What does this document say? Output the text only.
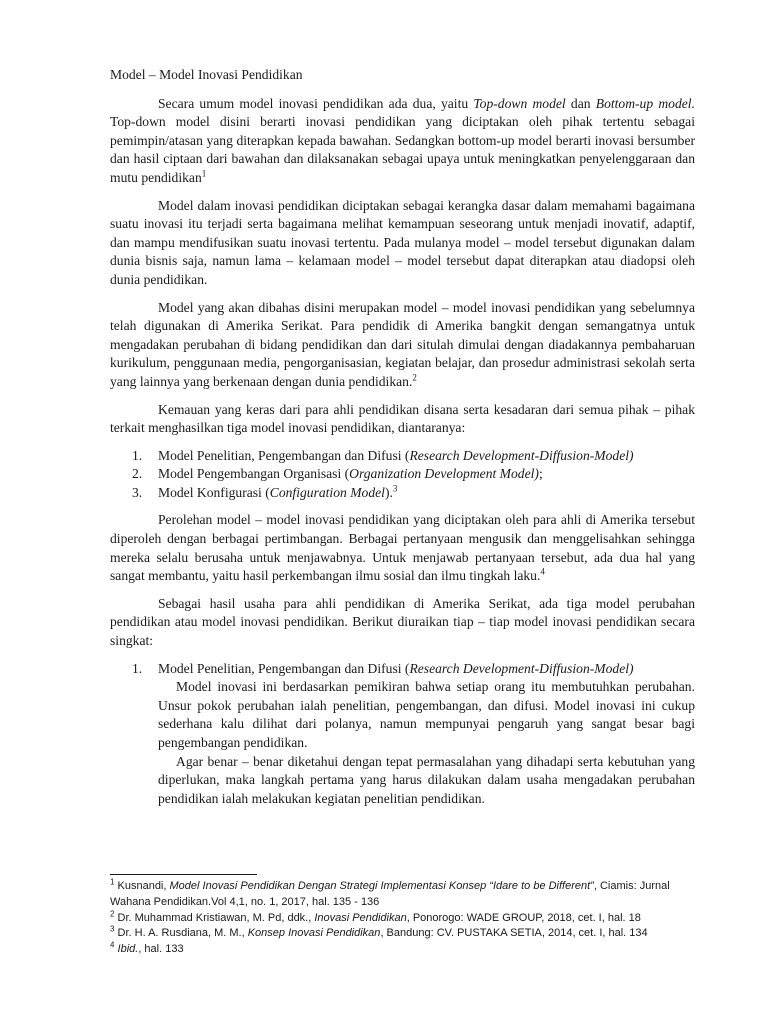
Model – Model Inovasi Pendidikan

Secara umum model inovasi pendidikan ada dua, yaitu Top-down model dan Bottom-up model. Top-down model disini berarti inovasi pendidikan yang diciptakan oleh pihak tertentu sebagai pemimpin/atasan yang diterapkan kepada bawahan. Sedangkan bottom-up model berarti inovasi bersumber dan hasil ciptaan dari bawahan dan dilaksanakan sebagai upaya untuk meningkatkan penyelenggaraan dan mutu pendidikan$^1$

Model dalam inovasi pendidikan diciptakan sebagai kerangka dasar dalam memahami bagaimana suatu inovasi itu terjadi serta bagaimana melihat kemampuan seseorang untuk menjadi inovatif, adaptif, dan mampu mendifusikan suatu inovasi tertentu. Pada mulanya model – model tersebut digunakan dalam dunia bisnis saja, namun lama – kelamaan model – model tersebut dapat diterapkan atau diadopsi oleh dunia pendidikan.

Model yang akan dibahas disini merupakan model – model inovasi pendidikan yang sebelumnya telah digunakan di Amerika Serikat. Para pendidik di Amerika bangkit dengan semangatnya untuk mengadakan perubahan di bidang pendidikan dan dari situlah dimulai dengan diadakannya pembaharuan kurikulum, penggunaan media, pengorganisasian, kegiatan belajar, dan prosedur administrasi sekolah serta yang lainnya yang berkenaan dengan dunia pendidikan.$^2$

Kemauan yang keras dari para ahli pendidikan disana serta kesadaran dari semua pihak – pihak terkait menghasilkan tiga model inovasi pendidikan, diantaranya:

1.	Model Penelitian, Pengembangan dan Difusi (Research Development-Diffusion-Model)
2.	Model Pengembangan Organisasi (Organization Development Model);
3.	Model Konfigurasi (Configuration Model).$^3$

Perolehan model – model inovasi pendidikan yang diciptakan oleh para ahli di Amerika tersebut diperoleh dengan berbagai pertimbangan. Berbagai pertanyaan mengusik dan menggelisahkan sehingga mereka selalu berusaha untuk menjawabnya. Untuk menjawab pertanyaan tersebut, ada dua hal yang sangat membantu, yaitu hasil perkembangan ilmu sosial dan ilmu tingkah laku.$^4$

Sebagai hasil usaha para ahli pendidikan di Amerika Serikat, ada tiga model perubahan pendidikan atau model inovasi pendidikan. Berikut diuraikan tiap – tiap model inovasi pendidikan secara singkat:

1.	Model Penelitian, Pengembangan dan Difusi (Research Development-Diffusion-Model)

Model inovasi ini berdasarkan pemikiran bahwa setiap orang itu membutuhkan perubahan. Unsur pokok perubahan ialah penelitian, pengembangan, dan difusi. Model inovasi ini cukup sederhana kalu dilihat dari polanya, namun mempunyai pengaruh yang sangat besar bagi pengembangan pendidikan.

Agar benar – benar diketahui dengan tepat permasalahan yang dihadapi serta kebutuhan yang diperlukan, maka langkah pertama yang harus dilakukan dalam usaha mengadakan perubahan pendidikan ialah melakukan kegiatan penelitian pendidikan.

$^1$ Kusnandi, Model Inovasi Pendidikan Dengan Strategi Implementasi Konsep “Idare to be Different”, Ciamis: Jurnal Wahana Pendidikan.Vol 4,1, no. 1, 2017, hal. 135 - 136

$^2$ Dr. Muhammad Kristiawan, M. Pd, ddk., Inovasi Pendidikan, Ponorogo: WADE GROUP, 2018, cet. I, hal. 18

$^3$ Dr. H. A. Rusdiana, M. M., Konsep Inovasi Pendidikan, Bandung: CV. PUSTAKA SETIA, 2014, cet. I, hal. 134

$^4$ Ibid., hal. 133
